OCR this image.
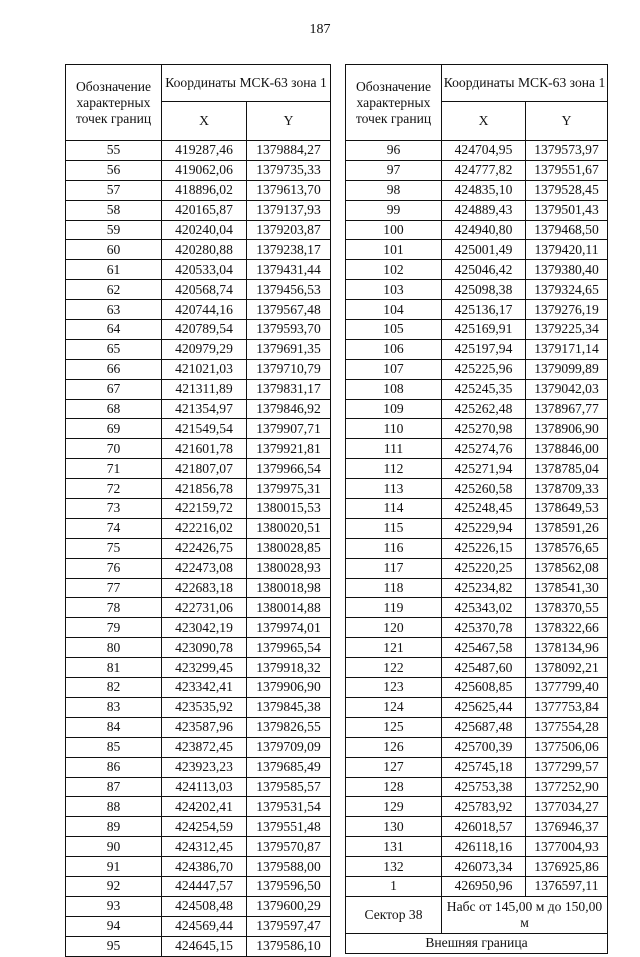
187
Обозначение характерных точек границ	Координаты МСК-63 зона 1	
	X	Y
55	419287,46	1379884,27
56	419062,06	1379735,33
57	418896,02	1379613,70
58	420165,87	1379137,93
59	420240,04	1379203,87
60	420280,88	1379238,17
61	420533,04	1379431,44
62	420568,74	1379456,53
63	420744,16	1379567,48
64	420789,54	1379593,70
65	420979,29	1379691,35
66	421021,03	1379710,79
67	421311,89	1379831,17
68	421354,97	1379846,92
69	421549,54	1379907,71
70	421601,78	1379921,81
71	421807,07	1379966,54
72	421856,78	1379975,31
73	422159,72	1380015,53
74	422216,02	1380020,51
75	422426,75	1380028,85
76	422473,08	1380028,93
77	422683,18	1380018,98
78	422731,06	1380014,88
79	423042,19	1379974,01
80	423090,78	1379965,54
81	423299,45	1379918,32
82	423342,41	1379906,90
83	423535,92	1379845,38
84	423587,96	1379826,55
85	423872,45	1379709,09
86	423923,23	1379685,49
87	424113,03	1379585,57
88	424202,41	1379531,54
89	424254,59	1379551,48
90	424312,45	1379570,87
91	424386,70	1379588,00
92	424447,57	1379596,50
93	424508,48	1379600,29
94	424569,44	1379597,47
95	424645,15	1379586,10
Обозначение характерных точек границ	Координаты МСК-63 зона 1	
	X	Y
96	424704,95	1379573,97
97	424777,82	1379551,67
98	424835,10	1379528,45
99	424889,43	1379501,43
100	424940,80	1379468,50
101	425001,49	1379420,11
102	425046,42	1379380,40
103	425098,38	1379324,65
104	425136,17	1379276,19
105	425169,91	1379225,34
106	425197,94	1379171,14
107	425225,96	1379099,89
108	425245,35	1379042,03
109	425262,48	1378967,77
110	425270,98	1378906,90
111	425274,76	1378846,00
112	425271,94	1378785,04
113	425260,58	1378709,33
114	425248,45	1378649,53
115	425229,94	1378591,26
116	425226,15	1378576,65
117	425220,25	1378562,08
118	425234,82	1378541,30
119	425343,02	1378370,55
120	425370,78	1378322,66
121	425467,58	1378134,96
122	425487,60	1378092,21
123	425608,85	1377799,40
124	425625,44	1377753,84
125	425687,48	1377554,28
126	425700,39	1377506,06
127	425745,18	1377299,57
128	425753,38	1377252,90
129	425783,92	1377034,27
130	426018,57	1376946,37
131	426118,16	1377004,93
132	426073,34	1376925,86
1	426950,96	1376597,11
Сектор 38	Набс от 145,00 м до 150,00 м	
Внешняя граница		
